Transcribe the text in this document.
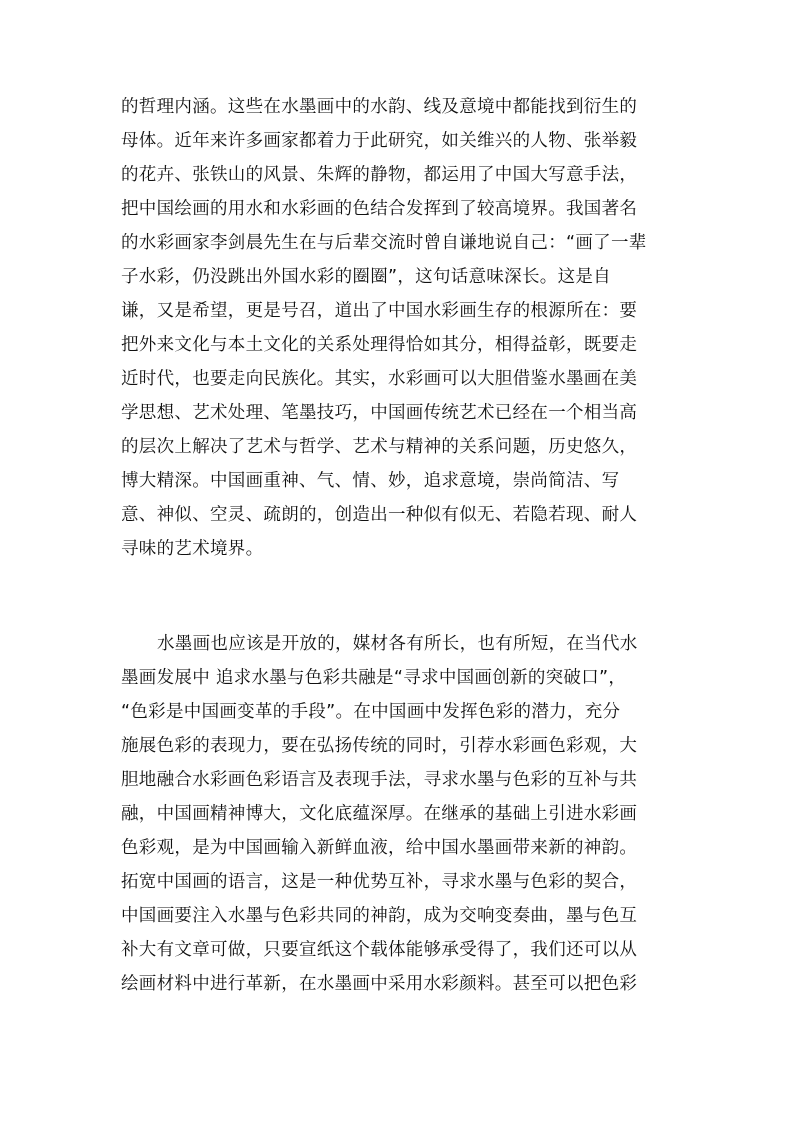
的哲理内涵。这些在水墨画中的水韵、线及意境中都能找到衍生的
母体。近年来许多画家都着力于此研究，如关维兴的人物、张举毅
的花卉、张铁山的风景、朱辉的静物，都运用了中国大写意手法，
把中国绘画的用水和水彩画的色结合发挥到了较高境界。我国著名
的水彩画家李剑晨先生在与后辈交流时曾自谦地说自己：“画了一辈
子水彩，仍没跳出外国水彩的圈圈”，这句话意味深长。这是自
谦，又是希望，更是号召，道出了中国水彩画生存的根源所在：要
把外来文化与本土文化的关系处理得恰如其分，相得益彰，既要走
近时代，也要走向民族化。其实，水彩画可以大胆借鉴水墨画在美
学思想、艺术处理、笔墨技巧，中国画传统艺术已经在一个相当高
的层次上解决了艺术与哲学、艺术与精神的关系问题，历史悠久，
博大精深。中国画重神、气、情、妙，追求意境，崇尚简洁、写
意、神似、空灵、疏朗的，创造出一种似有似无、若隐若现、耐人
寻味的艺术境界。
水墨画也应该是开放的，媒材各有所长，也有所短，在当代水
墨画发展中 追求水墨与色彩共融是“寻求中国画创新的突破口”，
“色彩是中国画变革的手段”。在中国画中发挥色彩的潜力，充分
施展色彩的表现力，要在弘扬传统的同时，引荐水彩画色彩观，大
胆地融合水彩画色彩语言及表现手法，寻求水墨与色彩的互补与共
融，中国画精神博大，文化底蕴深厚。在继承的基础上引进水彩画
色彩观，是为中国画输入新鲜血液，给中国水墨画带来新的神韵。
拓宽中国画的语言，这是一种优势互补，寻求水墨与色彩的契合，
中国画要注入水墨与色彩共同的神韵，成为交响变奏曲，墨与色互
补大有文章可做，只要宣纸这个载体能够承受得了，我们还可以从
绘画材料中进行革新，在水墨画中采用水彩颜料。甚至可以把色彩
